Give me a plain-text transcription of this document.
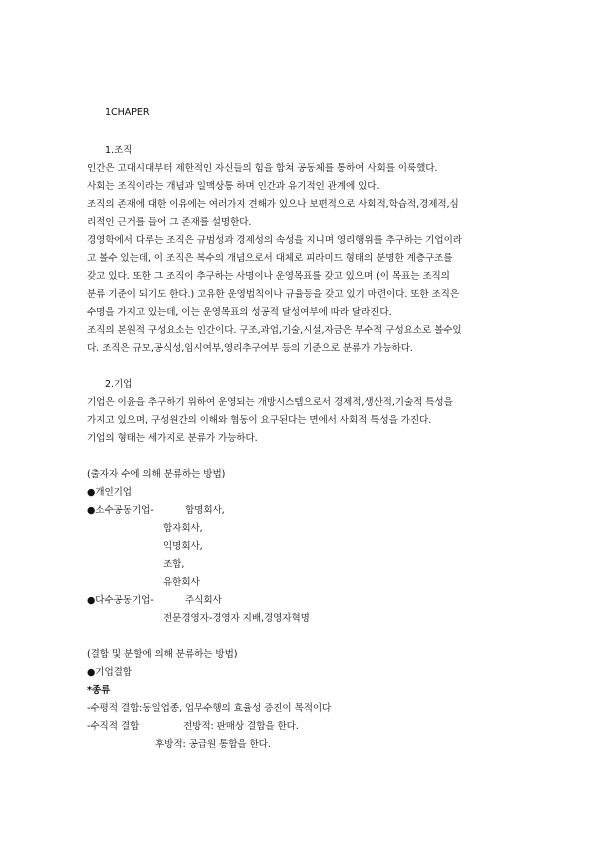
1CHAPER
1.조직
인간은 고대시대부터 제한적인 자신들의 힘을 합쳐 공동체를 통하여 사회를 이룩했다.
사회는 조직이라는 개념과 일맥상통 하며 인간과 유기적인 관계에 있다.
조직의 존재에 대한 이유에는 여러가지 견해가 있으나 보편적으로 사회적,학습적,경제적,심
리적인 근거를 들어 그 존재를 설명한다.
경영학에서 다루는 조직은 규범성과 경제성의 속성을 지니며 영리행위를 추구하는 기업이라
고 볼수 있는데, 이 조직은 복수의 개념으로서 대체로 피라미드 형태의 분명한 계층구조를
갖고 있다. 또한 그 조직이 추구하는 사명이나 운영목표를 갖고 있으며 (이 목표는 조직의
분류 기준이 되기도 한다.) 고유한 운영법칙이나 규율등을 갖고 있기 마련이다. 또한 조직은
수명을 가지고 있는데, 이는 운영목표의 성공적 달성여부에 따라 달라진다.
조직의 본원적 구성요소는 인간이다. 구조,과업,기술,시설,자금은 부수적 구성요소로 볼수있
다. 조직은 규모,공식성,임시여부,영리추구여부 등의 기준으로 분류가 가능하다.
2.기업
기업은 이윤을 추구하기 위하여 운영되는 개방시스템으로서 경제적,생산적,기술적 특성을
가지고 있으며, 구성원간의 이해와 협동이 요구된다는 면에서 사회적 특성을 가진다.
기업의 형태는 세가지로 분류가 가능하다.
(출자자 수에 의해 분류하는 방법)
●개인기업
●소수공동기업-	합명회사,
합자회사,
익명회사,
조합,
유한회사
●다수공동기업-	주식회사
전문경영자-경영자 지배,경영자혁명
(결합 및 분할에 의해 분류하는 방법)
●기업결합
*종류
-수평적 결합:동일업종, 업무수행의 효율성 증진이 목적이다
-수직적 결합	전방적: 판매상 결합을 한다.
후방적: 공급원 통합을 한다.
